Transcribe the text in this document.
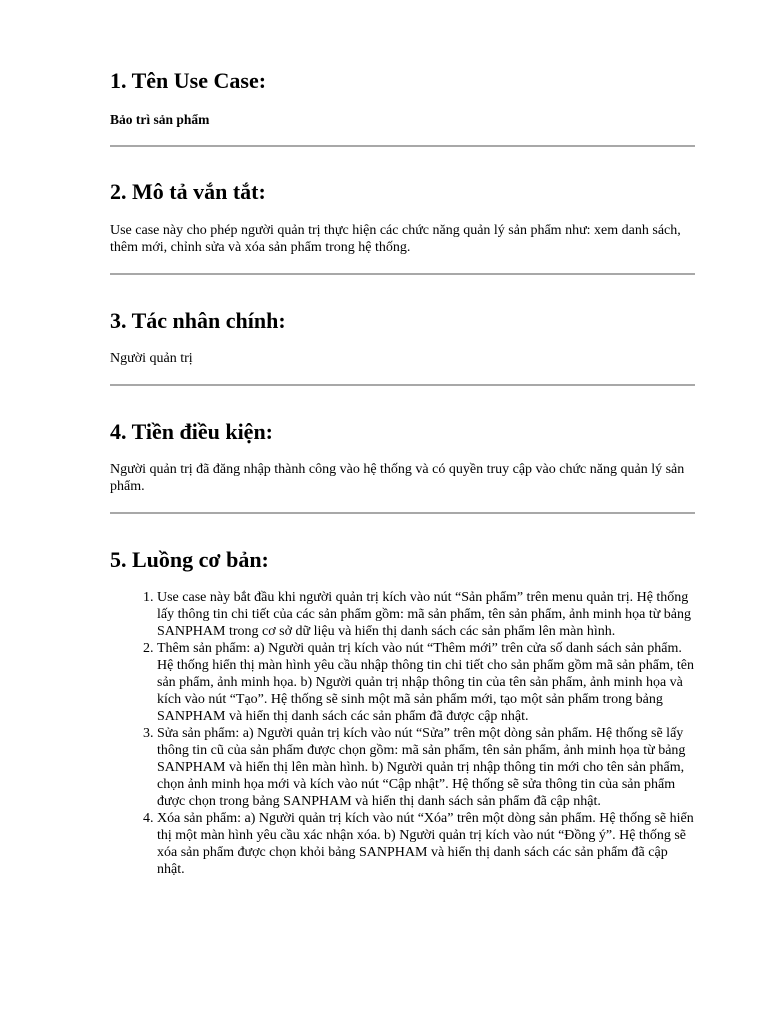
1. Tên Use Case:

Bảo trì sản phẩm

2. Mô tả vắn tắt:

Use case này cho phép người quản trị thực hiện các chức năng quản lý sản phẩm như: xem danh sách, thêm mới, chỉnh sửa và xóa sản phẩm trong hệ thống.

3. Tác nhân chính:

Người quản trị

4. Tiền điều kiện:

Người quản trị đã đăng nhập thành công vào hệ thống và có quyền truy cập vào chức năng quản lý sản phẩm.

5. Luồng cơ bản:
1. Use case này bắt đầu khi người quản trị kích vào nút “Sản phẩm” trên menu quản trị. Hệ thống lấy thông tin chi tiết của các sản phẩm gồm: mã sản phẩm, tên sản phẩm, ảnh minh họa từ bảng SANPHAM trong cơ sở dữ liệu và hiển thị danh sách các sản phẩm lên màn hình.
2. Thêm sản phẩm: a) Người quản trị kích vào nút “Thêm mới” trên cửa số danh sách sản phẩm. Hệ thống hiển thị màn hình yêu cầu nhập thông tin chi tiết cho sản phẩm gồm mã sản phẩm, tên sản phẩm, ảnh minh họa. b) Người quản trị nhập thông tin của tên sản phẩm, ảnh minh họa và kích vào nút “Tạo”. Hệ thống sẽ sinh một mã sản phẩm mới, tạo một sản phẩm trong bảng SANPHAM và hiển thị danh sách các sản phẩm đã được cập nhật.
3. Sửa sản phẩm: a) Người quản trị kích vào nút “Sửa” trên một dòng sản phẩm. Hệ thống sẽ lấy thông tin cũ của sản phẩm được chọn gồm: mã sản phẩm, tên sản phẩm, ảnh minh họa từ bảng SANPHAM và hiển thị lên màn hình. b) Người quản trị nhập thông tin mới cho tên sản phẩm, chọn ảnh minh họa mới và kích vào nút “Cập nhật”. Hệ thống sẽ sửa thông tin của sản phẩm được chọn trong bảng SANPHAM và hiển thị danh sách sản phẩm đã cập nhật.
4. Xóa sản phẩm: a) Người quản trị kích vào nút “Xóa” trên một dòng sản phẩm. Hệ thống sẽ hiển thị một màn hình yêu cầu xác nhận xóa. b) Người quản trị kích vào nút “Đồng ý”. Hệ thống sẽ xóa sản phẩm được chọn khỏi bảng SANPHAM và hiển thị danh sách các sản phẩm đã cập nhật.
